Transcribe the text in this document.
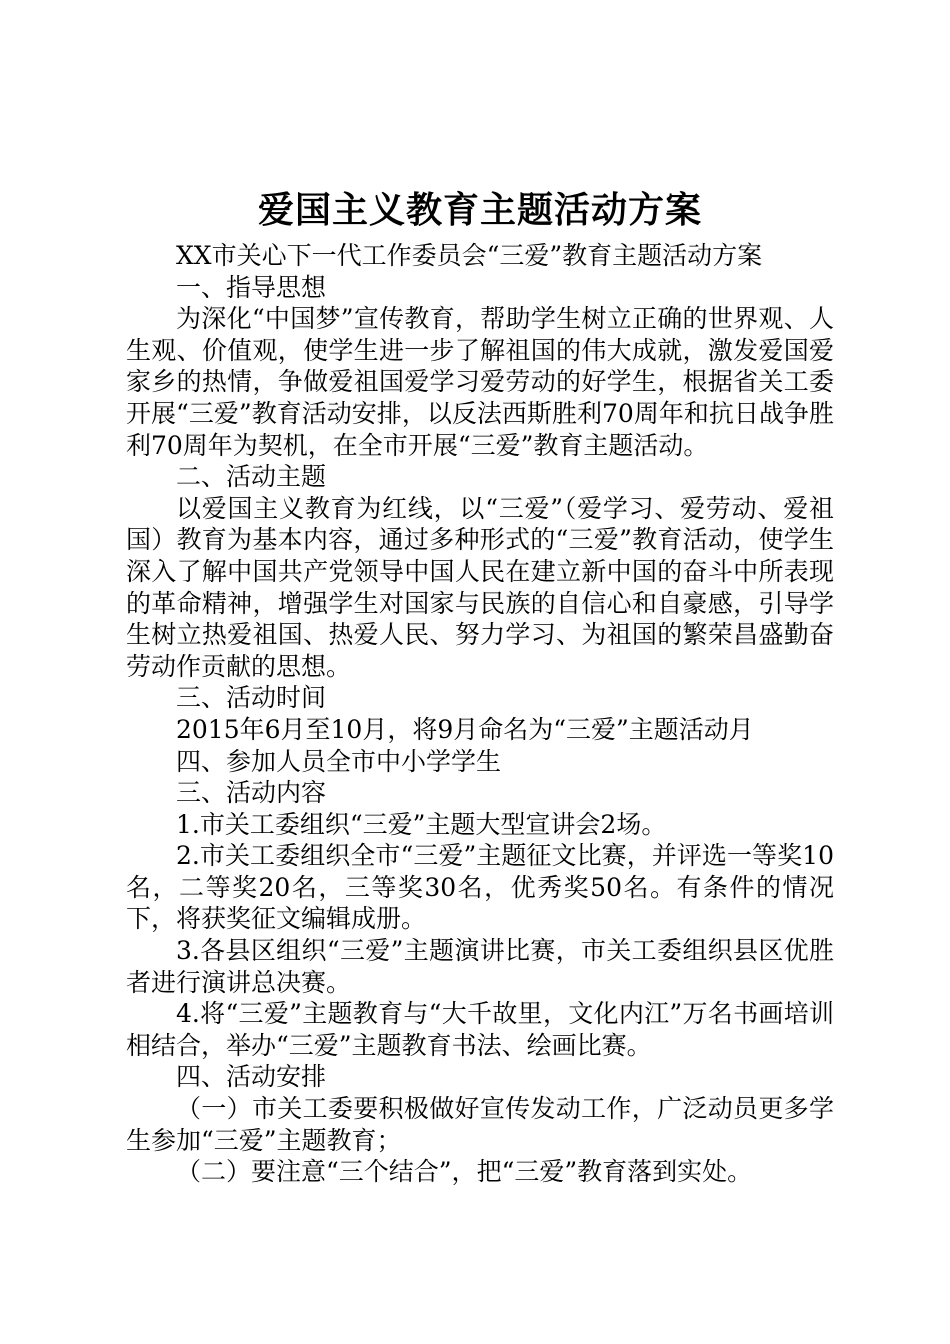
爱国主义教育主题活动方案

XX市关心下一代工作委员会“三爱”教育主题活动方案

一、指导思想

为深化“中国梦”宣传教育，帮助学生树立正确的世界观、人生观、价值观，使学生进一步了解祖国的伟大成就，激发爱国爱家乡的热情，争做爱祖国爱学习爱劳动的好学生，根据省关工委开展“三爱”教育活动安排，以反法西斯胜利70周年和抗日战争胜利70周年为契机，在全市开展“三爱”教育主题活动。

二、活动主题

以爱国主义教育为红线，以“三爱”（爱学习、爱劳动、爱祖国）教育为基本内容，通过多种形式的“三爱”教育活动，使学生深入了解中国共产党领导中国人民在建立新中国的奋斗中所表现的革命精神，增强学生对国家与民族的自信心和自豪感，引导学生树立热爱祖国、热爱人民、努力学习、为祖国的繁荣昌盛勤奋劳动作贡献的思想。

三、活动时间

2015年6月至10月，将9月命名为“三爱”主题活动月

四、参加人员全市中小学学生

三、活动内容

1.市关工委组织“三爱”主题大型宣讲会2场。

2.市关工委组织全市“三爱”主题征文比赛，并评选一等奖10名，二等奖20名，三等奖30名，优秀奖50名。有条件的情况下，将获奖征文编辑成册。

3.各县区组织“三爱”主题演讲比赛，市关工委组织县区优胜者进行演讲总决赛。

4.将“三爱”主题教育与“大千故里，文化内江”万名书画培训相结合，举办“三爱”主题教育书法、绘画比赛。

四、活动安排

（一）市关工委要积极做好宣传发动工作，广泛动员更多学生参加“三爱”主题教育；

（二）要注意“三个结合”，把“三爱”教育落到实处。
